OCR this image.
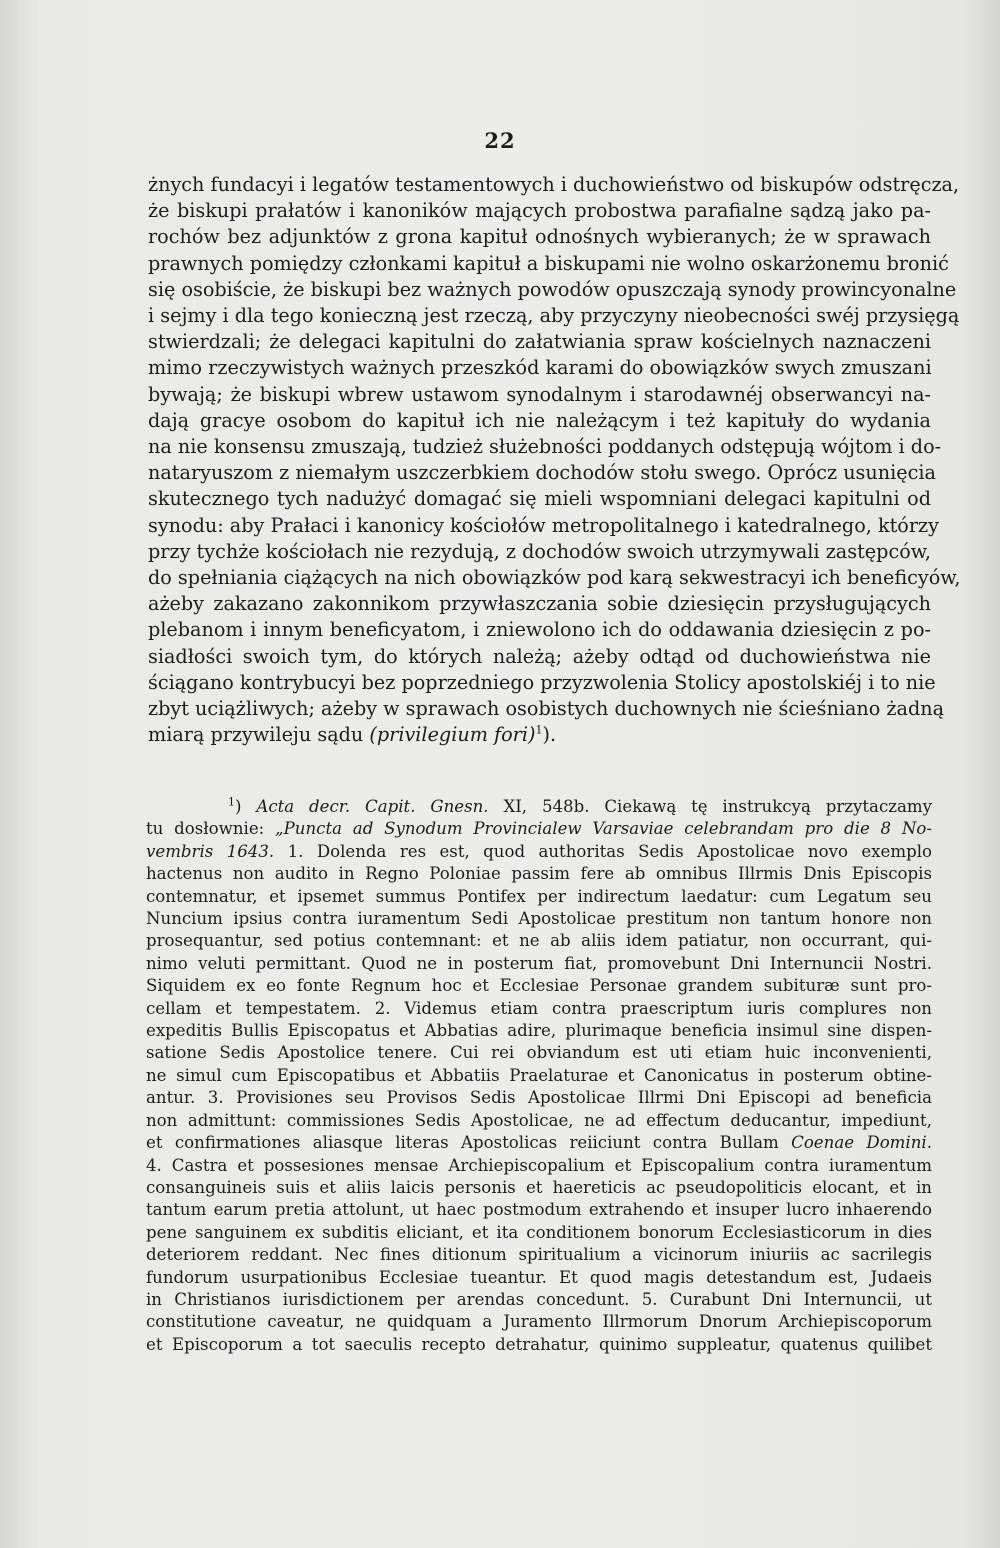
22
żnych fundacyi i legatów testamentowych i duchowieństwo od biskupów odstręcza,
że biskupi prałatów i kanoników mających probostwa parafialne sądzą jako pa-
rochów bez adjunktów z grona kapituł odnośnych wybieranych; że w sprawach
prawnych pomiędzy członkami kapituł a biskupami nie wolno oskarżonemu bronić
się osobiście, że biskupi bez ważnych powodów opuszczają synody prowincyonalne
i sejmy i dla tego konieczną jest rzeczą, aby przyczyny nieobecności swéj przysięgą
stwierdzali; że delegaci kapitulni do załatwiania spraw kościelnych naznaczeni
mimo rzeczywistych ważnych przeszkód karami do obowiązków swych zmuszani
bywają; że biskupi wbrew ustawom synodalnym i starodawnéj obserwancyi na-
dają gracye osobom do kapituł ich nie należącym i też kapituły do wydania
na nie konsensu zmuszają, tudzież służebności poddanych odstępują wójtom i do-
nataryuszom z niemałym uszczerbkiem dochodów stołu swego. Oprócz usunięcia
skutecznego tych nadużyć domagać się mieli wspomniani delegaci kapitulni od
synodu: aby Prałaci i kanonicy kościołów metropolitalnego i katedralnego, którzy
przy tychże kościołach nie rezydują, z dochodów swoich utrzymywali zastępców,
do spełniania ciążących na nich obowiązków pod karą sekwestracyi ich beneficyów,
ażeby zakazano zakonnikom przywłaszczania sobie dziesięcin przysługujących
plebanom i innym beneficyatom, i zniewolono ich do oddawania dziesięcin z po-
siadłości swoich tym, do których należą; ażeby odtąd od duchowieństwa nie
ściągano kontrybucyi bez poprzedniego przyzwolenia Stolicy apostolskiéj i to nie
zbyt uciążliwych; ażeby w sprawach osobistych duchownych nie ścieśniano żadną
miarą przywileju sądu (privilegium fori)$^1$).
$^1$) Acta decr. Capit. Gnesn. XI, 548b. Ciekawą tę instrukcyą przytaczamy
tu dosłownie: „Puncta ad Synodum Provincialew Varsaviae celebrandam pro die 8 No-
vembris 1643. 1. Dolenda res est, quod authoritas Sedis Apostolicae novo exemplo
hactenus non audito in Regno Poloniae passim fere ab omnibus Illrmis Dnis Episcopis
contemnatur, et ipsemet summus Pontifex per indirectum laedatur: cum Legatum seu
Nuncium ipsius contra iuramentum Sedi Apostolicae prestitum non tantum honore non
prosequantur, sed potius contemnant: et ne ab aliis idem patiatur, non occurrant, qui-
nimo veluti permittant. Quod ne in posterum fiat, promovebunt Dni Internuncii Nostri.
Siquidem ex eo fonte Regnum hoc et Ecclesiae Personae grandem subituræ sunt pro-
cellam et tempestatem. 2. Videmus etiam contra praescriptum iuris complures non
expeditis Bullis Episcopatus et Abbatias adire, plurimaque beneficia insimul sine dispen-
satione Sedis Apostolice tenere. Cui rei obviandum est uti etiam huic inconvenienti,
ne simul cum Episcopatibus et Abbatiis Praelaturae et Canonicatus in posterum obtine-
antur. 3. Provisiones seu Provisos Sedis Apostolicae Illrmi Dni Episcopi ad beneficia
non admittunt: commissiones Sedis Apostolicae, ne ad effectum deducantur, impediunt,
et confirmationes aliasque literas Apostolicas reiiciunt contra Bullam Coenae Domini.
4. Castra et possesiones mensae Archiepiscopalium et Episcopalium contra iuramentum
consanguineis suis et aliis laicis personis et haereticis ac pseudopoliticis elocant, et in
tantum earum pretia attolunt, ut haec postmodum extrahendo et insuper lucro inhaerendo
pene sanguinem ex subditis eliciant, et ita conditionem bonorum Ecclesiasticorum in dies
deteriorem reddant. Nec fines ditionum spiritualium a vicinorum iniuriis ac sacrilegis
fundorum usurpationibus Ecclesiae tueantur. Et quod magis detestandum est, Judaeis
in Christianos iurisdictionem per arendas concedunt. 5. Curabunt Dni Internuncii, ut
constitutione caveatur, ne quidquam a Juramento Illrmorum Dnorum Archiepiscoporum
et Episcoporum a tot saeculis recepto detrahatur, quinimo suppleatur, quatenus quilibet
